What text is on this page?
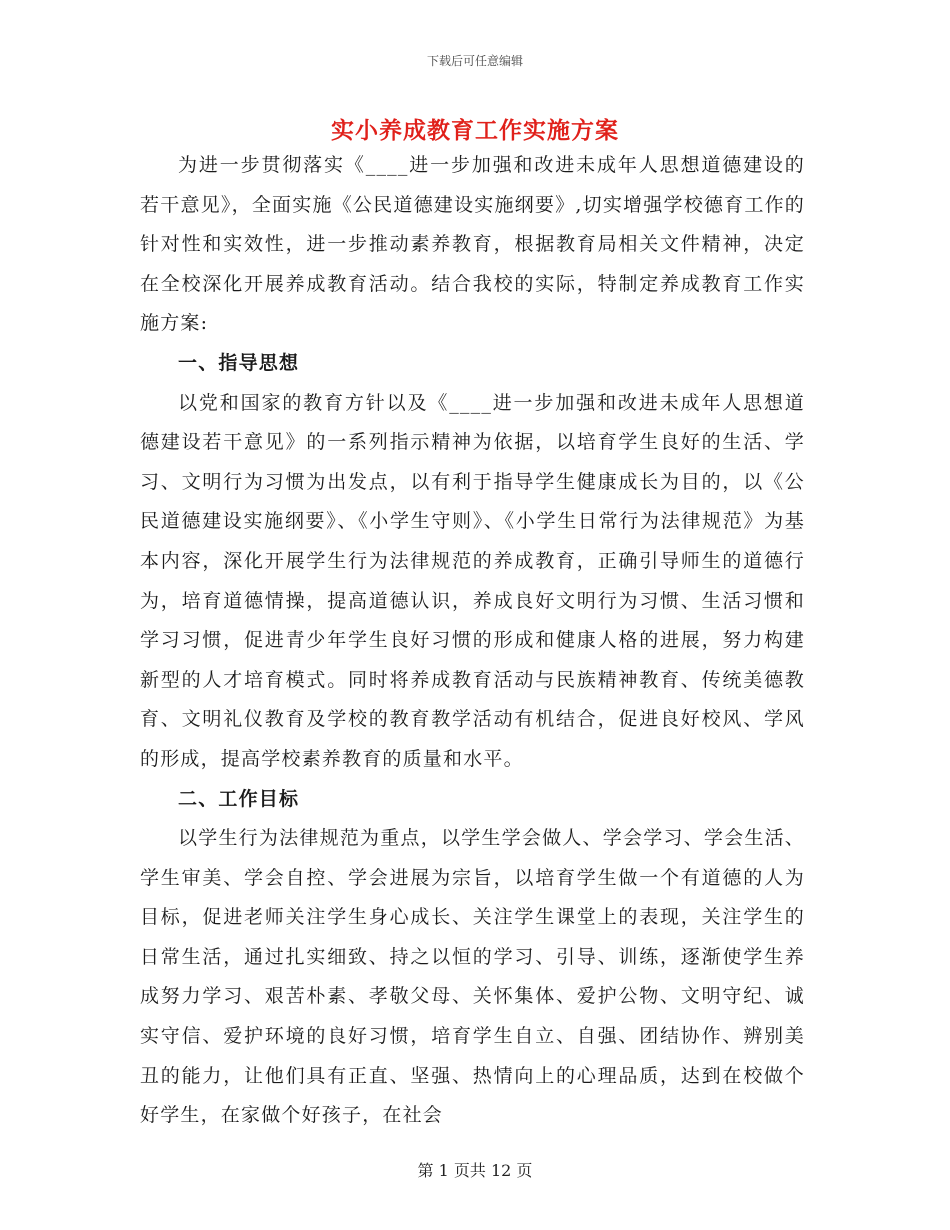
下载后可任意编辑
实小养成教育工作实施方案

为进一步贯彻落实《____进一步加强和改进未成年人思想道德建设的若干意见》，全面实施《公民道德建设实施纲要》,切实增强学校德育工作的针对性和实效性，进一步推动素养教育，根据教育局相关文件精神，决定在全校深化开展养成教育活动。结合我校的实际，特制定养成教育工作实施方案:

一、指导思想

以党和国家的教育方针以及《____进一步加强和改进未成年人思想道德建设若干意见》的一系列指示精神为依据，以培育学生良好的生活、学习、文明行为习惯为出发点，以有利于指导学生健康成长为目的，以《公民道德建设实施纲要》、《小学生守则》、《小学生日常行为法律规范》为基本内容，深化开展学生行为法律规范的养成教育，正确引导师生的道德行为，培育道德情操，提高道德认识，养成良好文明行为习惯、生活习惯和学习习惯，促进青少年学生良好习惯的形成和健康人格的进展，努力构建新型的人才培育模式。同时将养成教育活动与民族精神教育、传统美德教育、文明礼仪教育及学校的教育教学活动有机结合，促进良好校风、学风的形成，提高学校素养教育的质量和水平。

二、工作目标

以学生行为法律规范为重点，以学生学会做人、学会学习、学会生活、学生审美、学会自控、学会进展为宗旨，以培育学生做一个有道德的人为目标，促进老师关注学生身心成长、关注学生课堂上的表现，关注学生的日常生活，通过扎实细致、持之以恒的学习、引导、训练，逐渐使学生养成努力学习、艰苦朴素、孝敬父母、关怀集体、爱护公物、文明守纪、诚实守信、爱护环境的良好习惯，培育学生自立、自强、团结协作、辨别美丑的能力，让他们具有正直、坚强、热情向上的心理品质，达到在校做个好学生，在家做个好孩子，在社会

第 1 页共 12 页
